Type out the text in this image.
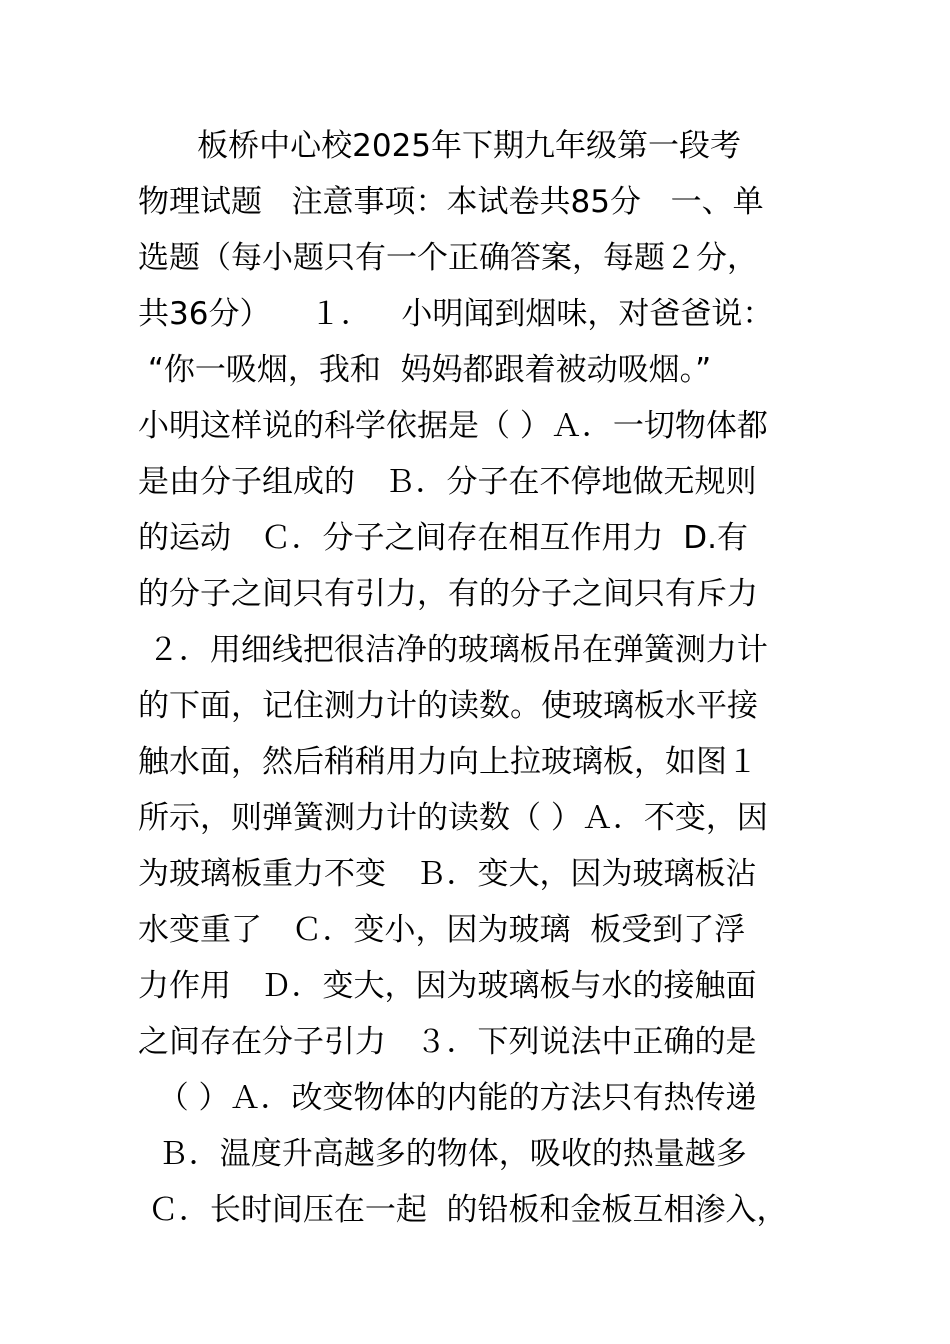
板桥中心校2025年下期九年级第一段考
物理试题   注意事项：本试卷共85分   一、单
选题（每小题只有一个正确答案，每题２分，
共36分）    １．   小明闻到烟味，对爸爸说：
“你一吸烟，我和  妈妈都跟着被动吸烟。”
小明这样说的科学依据是（ ）Ａ．一切物体都
是由分子组成的   Ｂ．分子在不停地做无规则
的运动   Ｃ．分子之间存在相互作用力  D.有
的分子之间只有引力，有的分子之间只有斥力
２．用细线把很洁净的玻璃板吊在弹簧测力计
的下面，记住测力计的读数。使玻璃板水平接
触水面，然后稍稍用力向上拉玻璃板，如图１
所示，则弹簧测力计的读数（ ）Ａ．不变，因
为玻璃板重力不变   Ｂ．变大，因为玻璃板沾
水变重了   Ｃ．变小，因为玻璃  板受到了浮
力作用   Ｄ．变大，因为玻璃板与水的接触面
之间存在分子引力   ３．下列说法中正确的是
（ ）Ａ．改变物体的内能的方法只有热传递
Ｂ．温度升高越多的物体，吸收的热量越多
Ｃ．长时间压在一起  的铅板和金板互相渗入，
